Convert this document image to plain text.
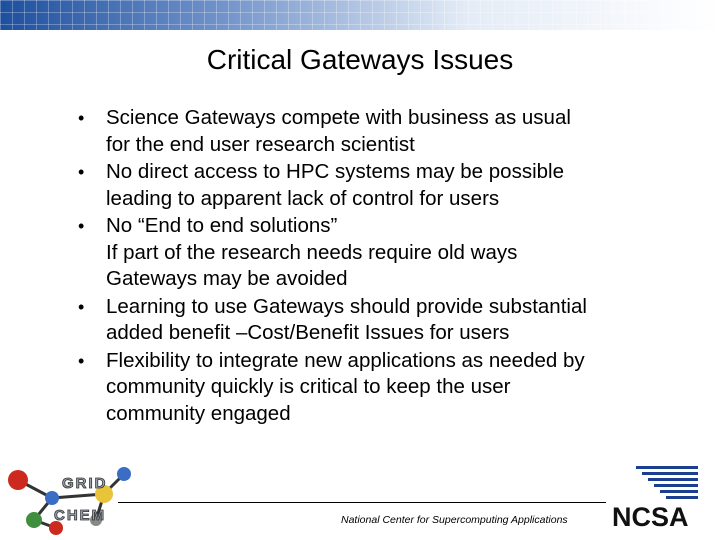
Critical Gateways Issues
• Science Gateways compete with business as usual
for the end user research scientist
• No direct access to HPC systems may be possible
leading to apparent lack of control for users
• No “End to end solutions”
If part of the research needs require old ways
Gateways may be avoided
• Learning to use Gateways should provide substantial
added benefit –Cost/Benefit Issues for users
• Flexibility to integrate new applications as needed by
community quickly is critical to keep the user
community engaged
GRID
CHEM	National Center for Supercomputing Applications NCSA
